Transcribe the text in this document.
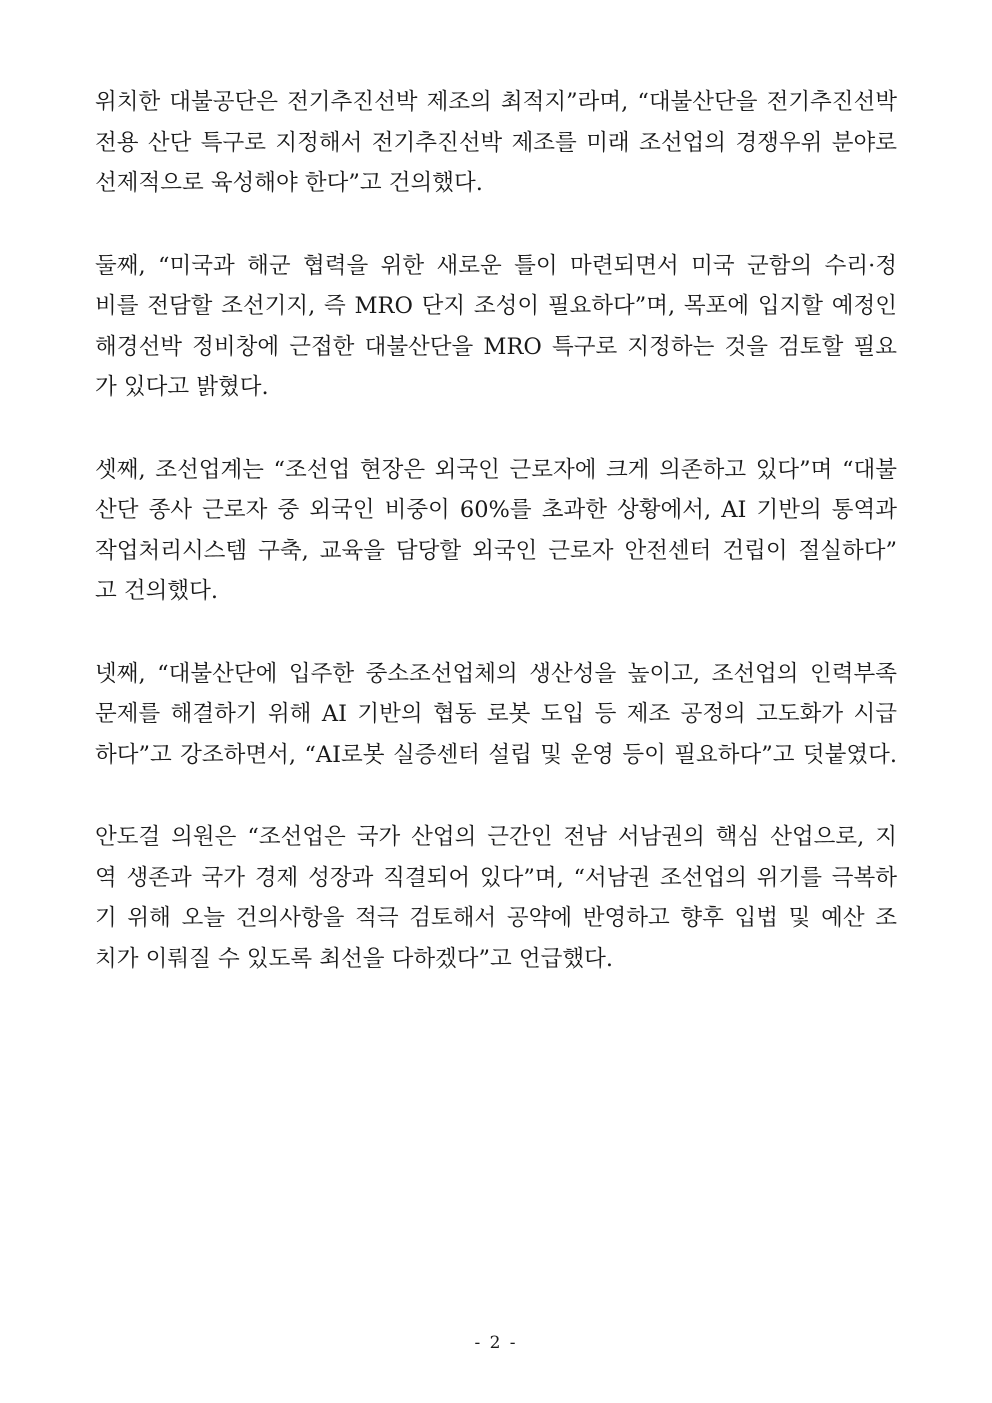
위치한 대불공단은 전기추진선박 제조의 최적지”라며, “대불산단을 전기추진선박
전용 산단 특구로 지정해서 전기추진선박 제조를 미래 조선업의 경쟁우위 분야로
선제적으로 육성해야 한다”고 건의했다.

둘째, “미국과 해군 협력을 위한 새로운 틀이 마련되면서 미국 군함의 수리·정
비를 전담할 조선기지, 즉 MRO 단지 조성이 필요하다”며, 목포에 입지할 예정인
해경선박 정비창에 근접한 대불산단을 MRO 특구로 지정하는 것을 검토할 필요
가 있다고 밝혔다.

셋째, 조선업계는 “조선업 현장은 외국인 근로자에 크게 의존하고 있다”며 “대불
산단 종사 근로자 중 외국인 비중이 60%를 초과한 상황에서, AI 기반의 통역과
작업처리시스템 구축, 교육을 담당할 외국인 근로자 안전센터 건립이 절실하다”
고 건의했다.

넷째, “대불산단에 입주한 중소조선업체의 생산성을 높이고, 조선업의 인력부족
문제를 해결하기 위해 AI 기반의 협동 로봇 도입 등 제조 공정의 고도화가 시급
하다”고 강조하면서, “AI로봇 실증센터 설립 및 운영 등이 필요하다”고 덧붙였다.

안도걸 의원은 “조선업은 국가 산업의 근간인 전남 서남권의 핵심 산업으로, 지
역 생존과 국가 경제 성장과 직결되어 있다”며, “서남권 조선업의 위기를 극복하
기 위해 오늘 건의사항을 적극 검토해서 공약에 반영하고 향후 입법 및 예산 조
치가 이뤄질 수 있도록 최선을 다하겠다”고 언급했다.

- 2 -
